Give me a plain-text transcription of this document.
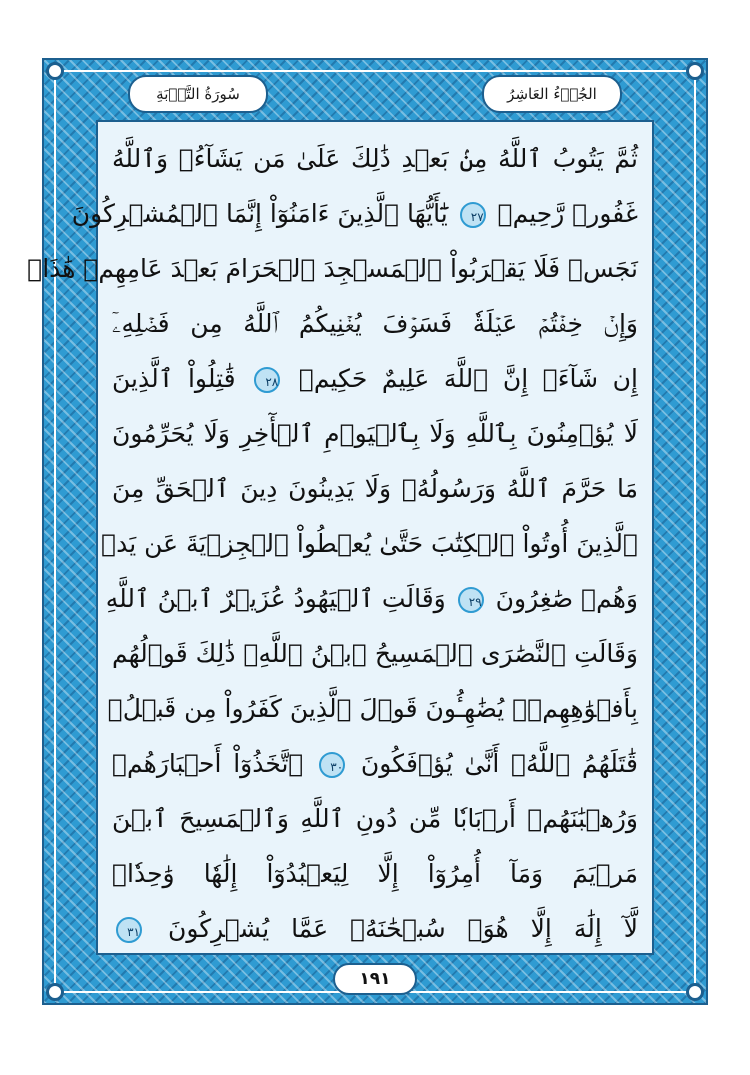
سُورَةُ التَّوۡبَةِ	الجُزۡءُ العَاشِرُ
ثُمَّ يَتُوبُ ٱللَّهُ مِنۢ بَعۡدِ ذَٰلِكَ عَلَىٰ مَن يَشَآءُۗ وَٱللَّهُ
غَفُورٞ رَّحِيمٞ ٢٧ يَٰٓأَيُّهَا ٱلَّذِينَ ءَامَنُوٓاْ إِنَّمَا ٱلۡمُشۡرِكُونَ
نَجَسٞ فَلَا يَقۡرَبُواْ ٱلۡمَسۡجِدَ ٱلۡحَرَامَ بَعۡدَ عَامِهِمۡ هَٰذَاۚ
وَإِنۡ خِفۡتُمۡ عَيۡلَةٗ فَسَوۡفَ يُغۡنِيكُمُ ٱللَّهُ مِن فَضۡلِهِۦٓ
إِن شَآءَۚ إِنَّ ٱللَّهَ عَلِيمٌ حَكِيمٞ ٢٨ قَٰتِلُواْ ٱلَّذِينَ
لَا يُؤۡمِنُونَ بِٱللَّهِ وَلَا بِٱلۡيَوۡمِ ٱلۡأٓخِرِ وَلَا يُحَرِّمُونَ
مَا حَرَّمَ ٱللَّهُ وَرَسُولُهُۥ وَلَا يَدِينُونَ دِينَ ٱلۡحَقِّ مِنَ
ٱلَّذِينَ أُوتُواْ ٱلۡكِتَٰبَ حَتَّىٰ يُعۡطُواْ ٱلۡجِزۡيَةَ عَن يَدٖ
وَهُمۡ صَٰغِرُونَ ٢٩ وَقَالَتِ ٱلۡيَهُودُ عُزَيۡرٌ ٱبۡنُ ٱللَّهِ
وَقَالَتِ ٱلنَّصَٰرَى ٱلۡمَسِيحُ ٱبۡنُ ٱللَّهِۖ ذَٰلِكَ قَوۡلُهُم
بِأَفۡوَٰهِهِمۡۖ يُضَٰهِـُٔونَ قَوۡلَ ٱلَّذِينَ كَفَرُواْ مِن قَبۡلُۚ
قَٰتَلَهُمُ ٱللَّهُۖ أَنَّىٰ يُؤۡفَكُونَ ٣٠ ٱتَّخَذُوٓاْ أَحۡبَارَهُمۡ
وَرُهۡبَٰنَهُمۡ أَرۡبَابٗا مِّن دُونِ ٱللَّهِ وَٱلۡمَسِيحَ ٱبۡنَ
مَرۡيَمَ وَمَآ أُمِرُوٓاْ إِلَّا لِيَعۡبُدُوٓاْ إِلَٰهٗا وَٰحِدٗاۖ
لَّآ إِلَٰهَ إِلَّا هُوَۚ سُبۡحَٰنَهُۥ عَمَّا يُشۡرِكُونَ ٣١
١٩١
